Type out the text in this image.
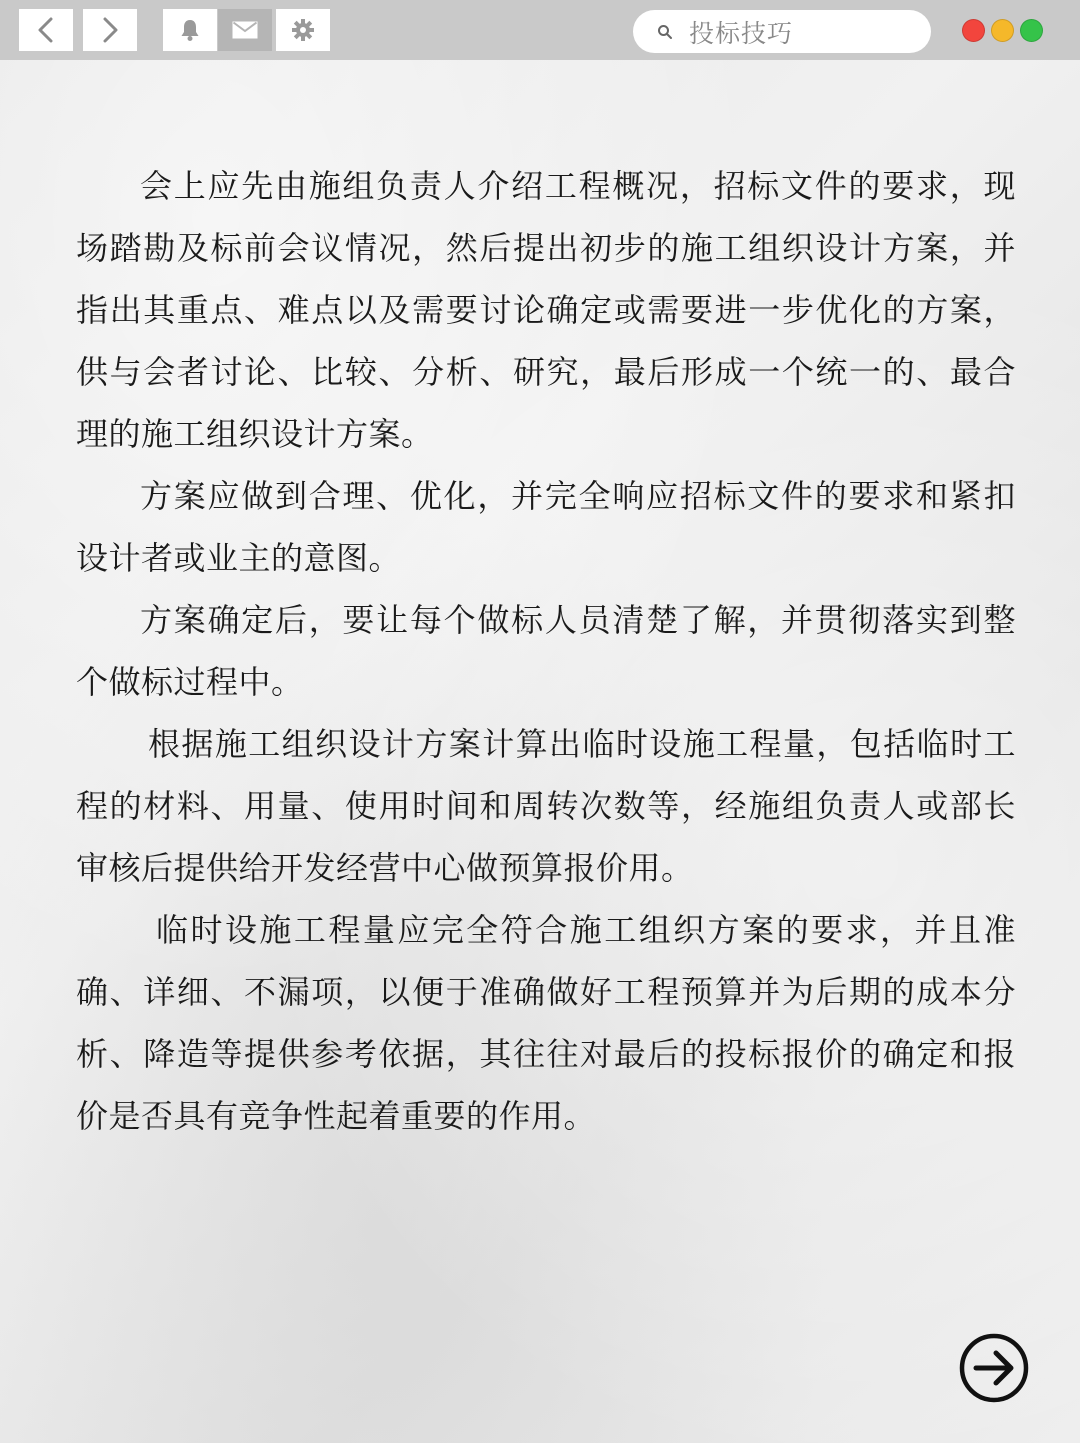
投标技巧

会上应先由施组负责人介绍工程概况，招标文件的要求，现场踏勘及标前会议情况，然后提出初步的施工组织设计方案，并指出其重点、难点以及需要讨论确定或需要进一步优化的方案，供与会者讨论、比较、分析、研究，最后形成一个统一的、最合理的施工组织设计方案。

方案应做到合理、优化，并完全响应招标文件的要求和紧扣设计者或业主的意图。

方案确定后，要让每个做标人员清楚了解，并贯彻落实到整个做标过程中。

根据施工组织设计方案计算出临时设施工程量，包括临时工程的材料、用量、使用时间和周转次数等，经施组负责人或部长审核后提供给开发经营中心做预算报价用。

临时设施工程量应完全符合施工组织方案的要求，并且准确、详细、不漏项，以便于准确做好工程预算并为后期的成本分析、降造等提供参考依据，其往往对最后的投标报价的确定和报价是否具有竞争性起着重要的作用。
